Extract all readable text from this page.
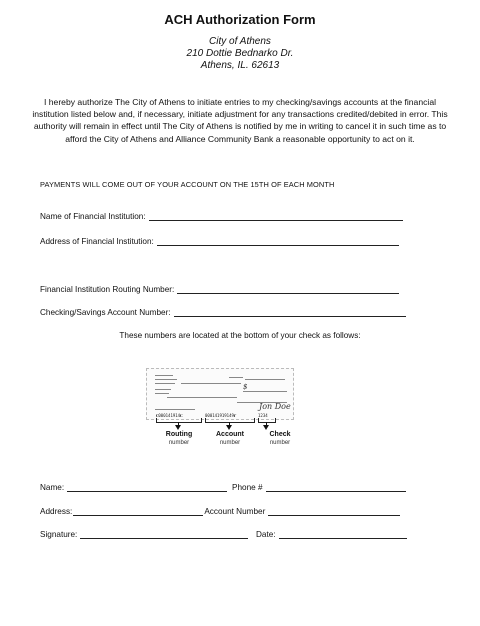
ACH Authorization Form
City of Athens
210 Dottie Bednarko Dr.
Athens, IL. 62613
I hereby authorize The City of Athens to initiate entries to my checking/savings accounts at the financial institution listed below and, if necessary, initiate adjustment for any transactions credited/debited in error. This authority will remain in effect until The City of Athens is notified by me in writing to cancel it in such time as to afford the City of Athens and Alliance Community Bank a reasonable opportunity to act on it.
PAYMENTS WILL COME OUT OF YOUR ACCOUNT ON THE 15TH OF EACH MONTH
Name of Financial Institution:
Address of Financial Institution:
Financial Institution Routing Number:
Checking/Savings Account Number:
These numbers are located at the bottom of your check as follows:

$
Jon Doe
⑆000141914⑆	000141919149⑈	1234
Routing
number
Account
number
Check
number
Name:	Phone #
Address:	Account Number
Signature:	Date:
